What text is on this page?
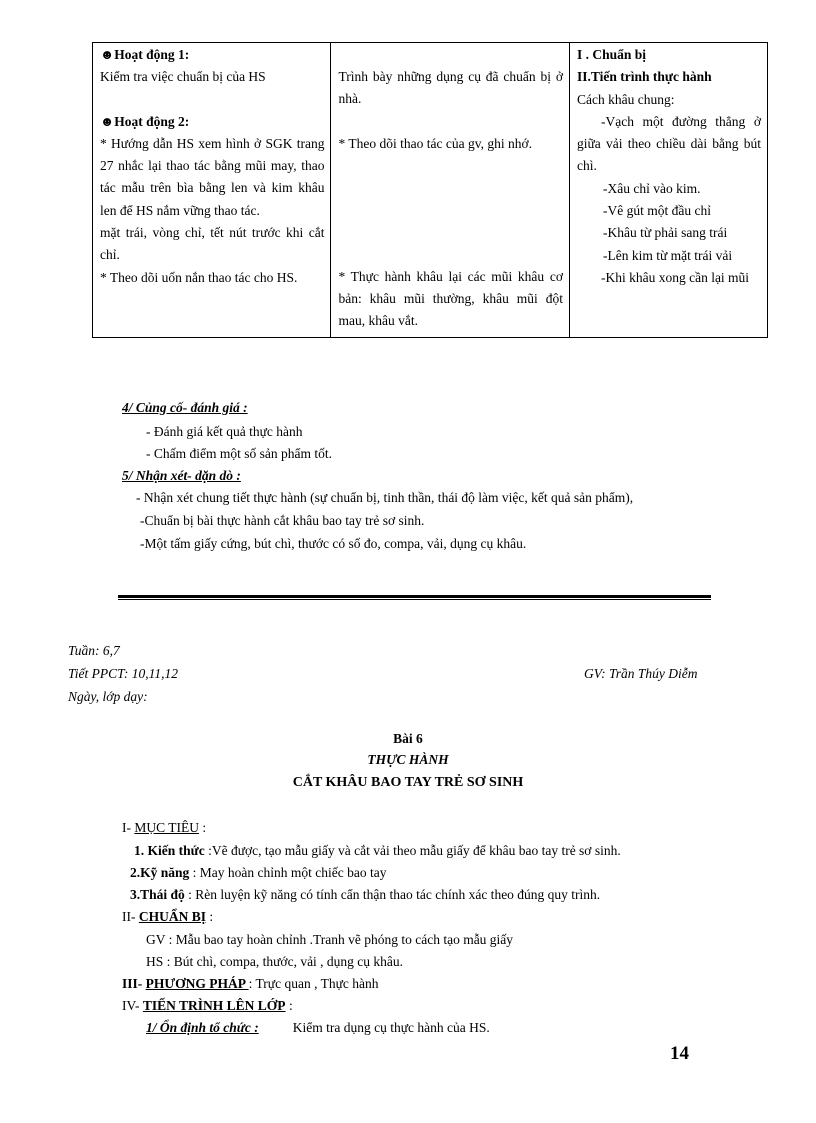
☻Hoạt động 1:
Kiểm tra việc chuẩn bị của HS
☻Hoạt động 2:
* Hướng dẫn HS xem hình ở SGK trang 27 nhắc lại thao tác bằng mũi may, thao tác mẫu trên bìa bằng len và kim khâu len để HS nắm vững thao tác.
mặt trái, vòng chỉ, tết nút trước khi cắt chỉ.
* Theo dõi uốn nắn thao tác cho HS.

Trình bày những dụng cụ đã chuẩn bị ở nhà.
* Theo dõi thao tác của gv, ghi nhớ.
* Thực hành khâu lại các mũi khâu cơ bản: khâu mũi thường, khâu mũi đột mau, khâu vắt.

I . Chuẩn bị
II.Tiến trình thực hành
Cách khâu chung:
-Vạch một đường thẳng ở giữa vải theo chiều dài bằng bút chì.
-Xâu chỉ vào kim.
-Vê gút một đầu chỉ
-Khâu từ phải sang trái
-Lên kim từ mặt trái vải
-Khi khâu xong cần lại mũi
4/ Củng cố- đánh giá :
- Đánh giá kết quả thực hành
- Chấm điểm một số sản phẩm tốt.
5/ Nhận xét- dặn dò :
- Nhận xét chung tiết thực hành (sự chuẩn bị, tinh thần, thái độ làm việc, kết quả sản phẩm),
-Chuẩn bị bài thực hành cắt khâu bao tay trẻ sơ sinh.
-Một tấm giấy cứng, bút chì, thước có số đo, compa, vải, dụng cụ khâu.
Tuần: 6,7
Tiết PPCT: 10,11,12	GV: Trần Thúy Diễm
Ngày, lớp dạy:
Bài 6
THỰC HÀNH
CẮT KHÂU BAO TAY TRẺ SƠ SINH
I- MỤC TIÊU :
1. Kiến thức :Vẽ được, tạo mẫu giấy và cắt vải theo mẫu giấy để khâu bao tay trẻ sơ sinh.
2.Kỹ năng : May hoàn chỉnh một chiếc bao tay
3.Thái độ : Rèn luyện kỹ năng có tính cẩn thận thao tác chính xác theo đúng quy trình.
II- CHUẨN BỊ :
GV : Mẫu bao tay hoàn chỉnh .Tranh vẽ phóng to cách tạo mẫu giấy
HS : Bút chì, compa, thước, vải , dụng cụ khâu.
III- PHƯƠNG PHÁP : Trực quan , Thực hành
IV- TIẾN TRÌNH LÊN LỚP :
1/ Ổn định tổ chức :	Kiểm tra dụng cụ thực hành của HS.
14
